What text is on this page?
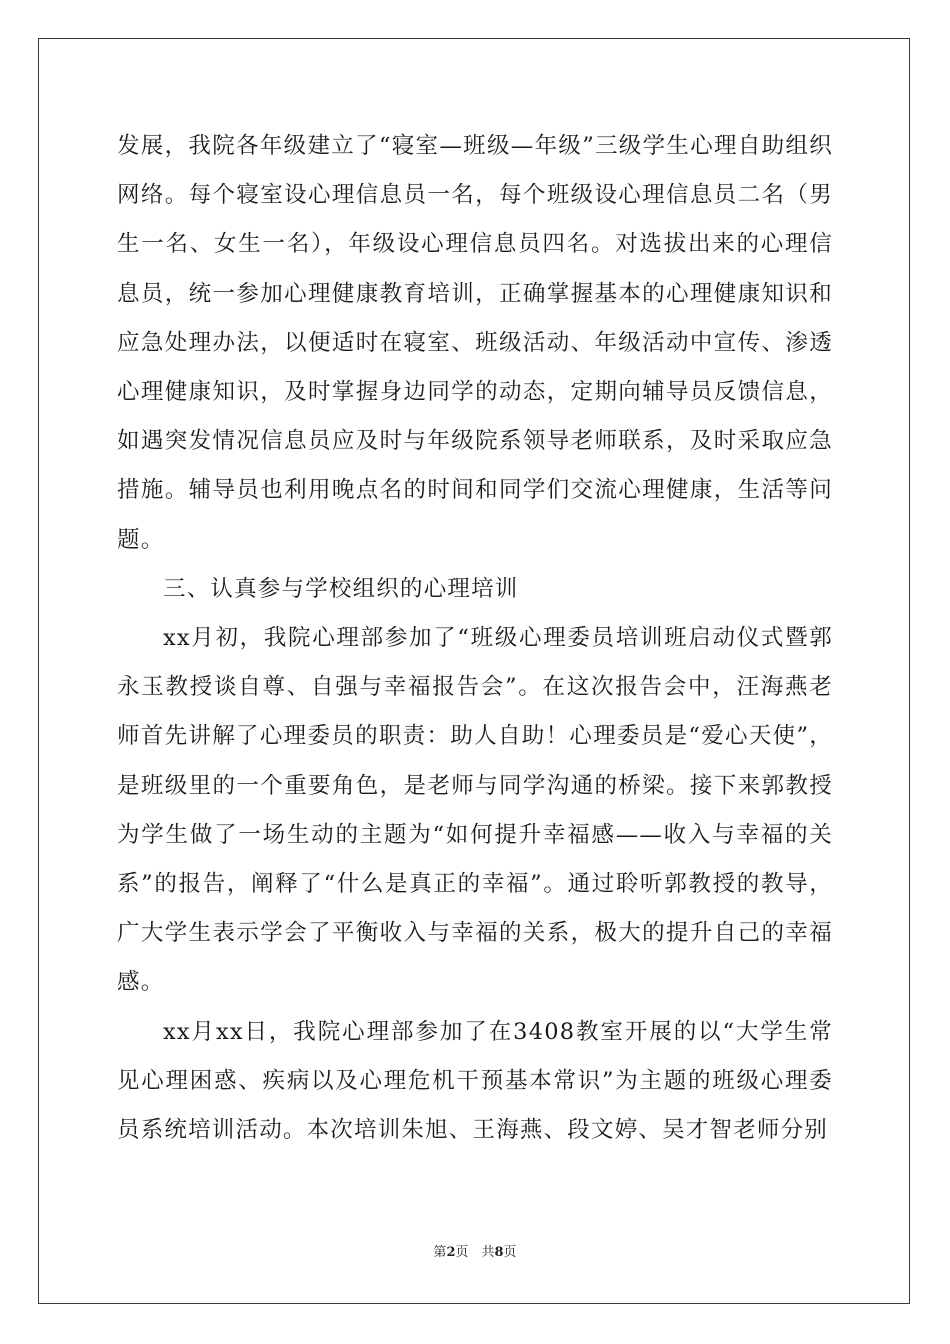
发展，我院各年级建立了“寝室—班级—年级”三级学生心理自助组织网络。每个寝室设心理信息员一名，每个班级设心理信息员二名（男生一名、女生一名），年级设心理信息员四名。对选拔出来的心理信息员，统一参加心理健康教育培训，正确掌握基本的心理健康知识和应急处理办法，以便适时在寝室、班级活动、年级活动中宣传、渗透心理健康知识，及时掌握身边同学的动态，定期向辅导员反馈信息，如遇突发情况信息员应及时与年级院系领导老师联系，及时采取应急措施。辅导员也利用晚点名的时间和同学们交流心理健康，生活等问题。

三、认真参与学校组织的心理培训

xx月初，我院心理部参加了“班级心理委员培训班启动仪式暨郭永玉教授谈自尊、自强与幸福报告会”。在这次报告会中，汪海燕老师首先讲解了心理委员的职责：助人自助！心理委员是“爱心天使”，是班级里的一个重要角色，是老师与同学沟通的桥梁。接下来郭教授为学生做了一场生动的主题为“如何提升幸福感——收入与幸福的关系”的报告，阐释了“什么是真正的幸福”。通过聆听郭教授的教导，广大学生表示学会了平衡收入与幸福的关系，极大的提升自己的幸福感。

xx月xx日，我院心理部参加了在3408教室开展的以“大学生常见心理困惑、疾病以及心理危机干预基本常识”为主题的班级心理委员系统培训活动。本次培训朱旭、王海燕、段文婷、吴才智老师分别

第2页　共8页
